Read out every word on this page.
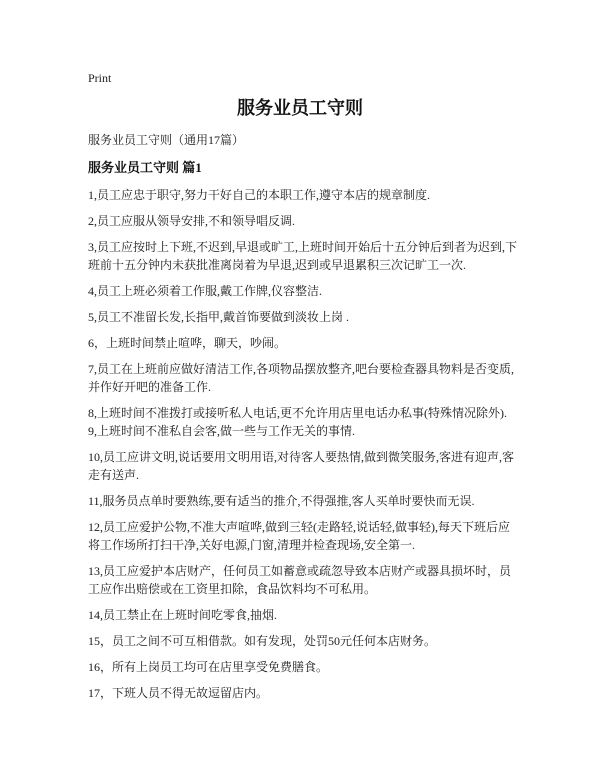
Print
服务业员工守则
服务业员工守则（通用17篇）
服务业员工守则 篇1

1,员工应忠于职守,努力干好自己的本职工作,遵守本店的规章制度.

2,员工应服从领导安排,不和领导唱反调.

3,员工应按时上下班,不迟到,早退或旷工,上班时间开始后十五分钟后到者为迟到,下班前十五分钟内未获批准离岗着为早退,迟到或早退累积三次记旷工一次.

4,员工上班必须着工作服,戴工作牌,仪容整洁.

5,员工不准留长发,长指甲,戴首饰要做到淡妆上岗 .

6，上班时间禁止喧哗，聊天，吵闹。

7,员工在上班前应做好清洁工作,各项物品摆放整齐,吧台要检查器具物料是否变质,并作好开吧的准备工作.

8,上班时间不准拨打或接听私人电话,更不允许用店里电话办私事(特殊情况除外). 9,上班时间不准私自会客,做一些与工作无关的事情.

10,员工应讲文明,说话要用文明用语,对待客人要热情,做到微笑服务,客进有迎声,客走有送声.

11,服务员点单时要熟练,要有适当的推介,不得强推,客人买单时要快而无误.

12,员工应爱护公物,不准大声喧哗,做到三轻(走路轻,说话轻,做事轻),每天下班后应将工作场所打扫干净,关好电源,门窗,清理并检查现场,安全第一.

13,员工应爱护本店财产，任何员工如蓄意或疏忽导致本店财产或器具损坏时，员工应作出赔偿或在工资里扣除，食品饮料均不可私用。

14,员工禁止在上班时间吃零食,抽烟.

15，员工之间不可互相借款。如有发现，处罚50元任何本店财务。

16，所有上岗员工均可在店里享受免费膳食。

17，下班人员不得无故逗留店内。
